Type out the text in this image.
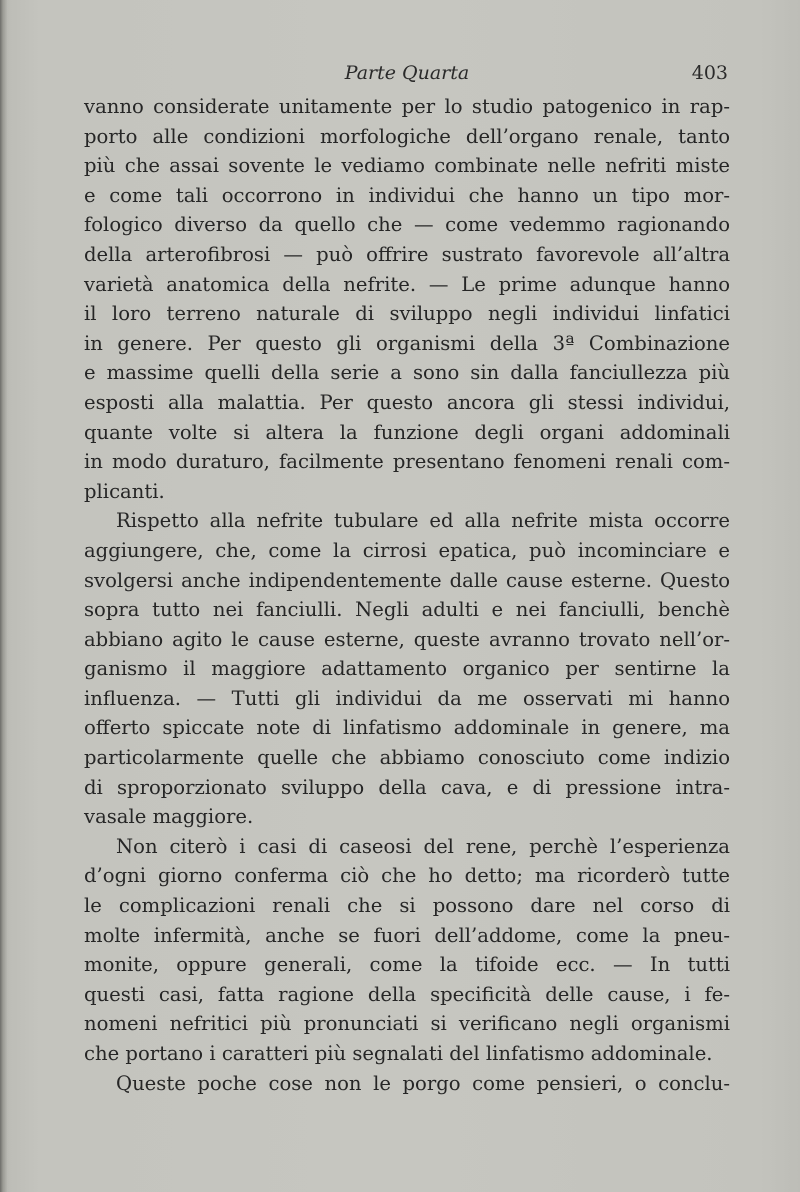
Parte Quarta	403
vanno considerate unitamente per lo studio patogenico in rap-
porto alle condizioni morfologiche dell’organo renale, tanto
più che assai sovente le vediamo combinate nelle nefriti miste
e come tali occorrono in individui che hanno un tipo mor-
fologico diverso da quello che — come vedemmo ragionando
della arterofibrosi — può offrire sustrato favorevole all’altra
varietà anatomica della nefrite. — Le prime adunque hanno
il loro terreno naturale di sviluppo negli individui linfatici
in genere. Per questo gli organismi della 3ª Combinazione
e massime quelli della serie a sono sin dalla fanciullezza più
esposti alla malattia. Per questo ancora gli stessi individui,
quante volte si altera la funzione degli organi addominali
in modo duraturo, facilmente presentano fenomeni renali com-
plicanti.
Rispetto alla nefrite tubulare ed alla nefrite mista occorre
aggiungere, che, come la cirrosi epatica, può incominciare e
svolgersi anche indipendentemente dalle cause esterne. Questo
sopra tutto nei fanciulli. Negli adulti e nei fanciulli, benchè
abbiano agito le cause esterne, queste avranno trovato nell’or-
ganismo il maggiore adattamento organico per sentirne la
influenza. — Tutti gli individui da me osservati mi hanno
offerto spiccate note di linfatismo addominale in genere, ma
particolarmente quelle che abbiamo conosciuto come indizio
di sproporzionato sviluppo della cava, e di pressione intra-
vasale maggiore.
Non citerò i casi di caseosi del rene, perchè l’esperienza
d’ogni giorno conferma ciò che ho detto; ma ricorderò tutte
le complicazioni renali che si possono dare nel corso di
molte infermità, anche se fuori dell’addome, come la pneu-
monite, oppure generali, come la tifoide ecc. — In tutti
questi casi, fatta ragione della specificità delle cause, i fe-
nomeni nefritici più pronunciati si verificano negli organismi
che portano i caratteri più segnalati del linfatismo addominale.
Queste poche cose non le porgo come pensieri, o conclu-
